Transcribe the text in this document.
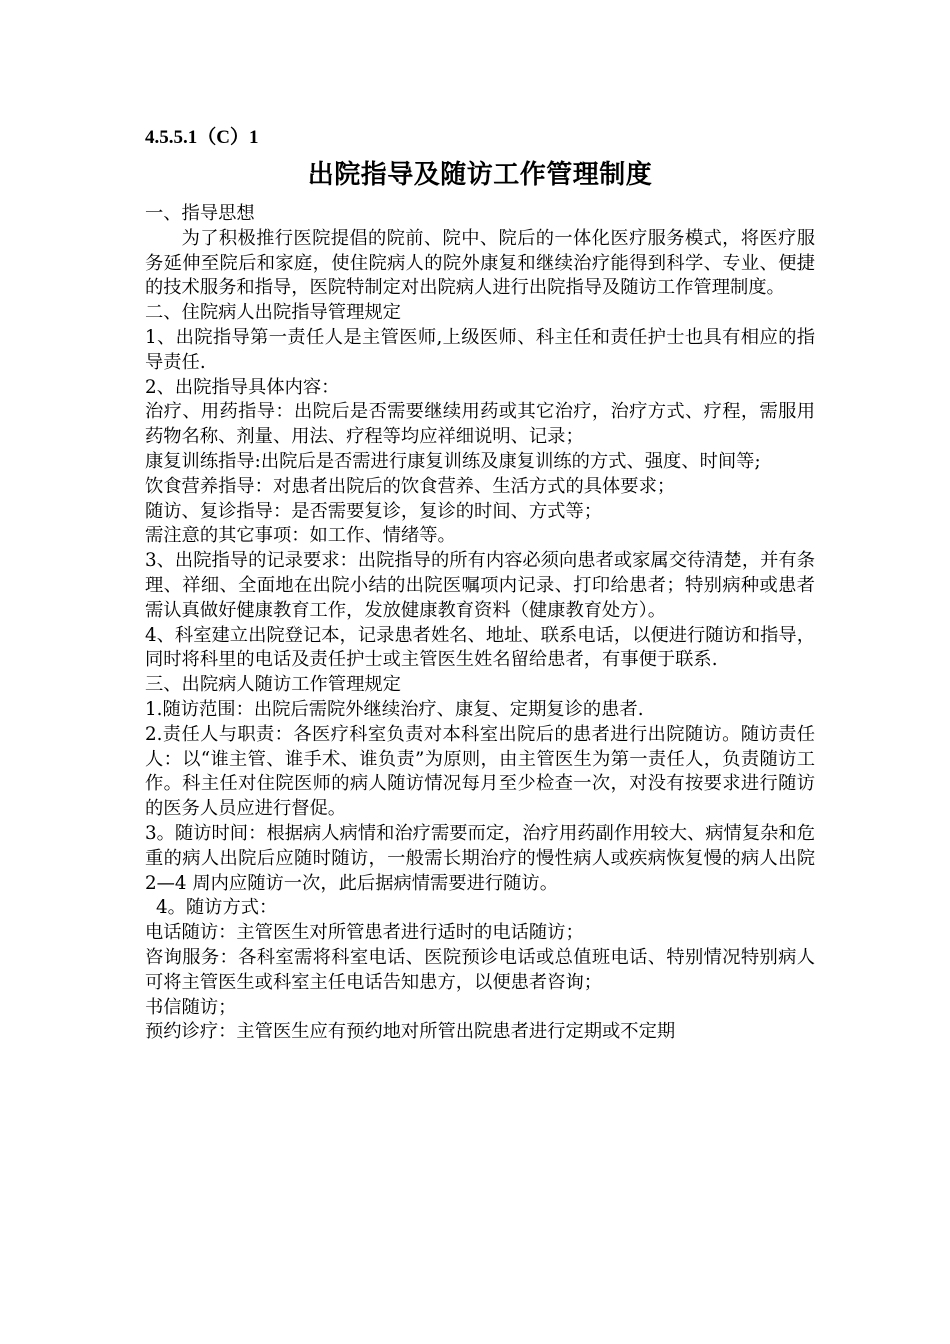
4.5.5.1（C）1

出院指导及随访工作管理制度

一、指导思想

为了积极推行医院提倡的院前、院中、院后的一体化医疗服务模式，将医疗服务延伸至院后和家庭，使住院病人的院外康复和继续治疗能得到科学、专业、便捷的技术服务和指导，医院特制定对出院病人进行出院指导及随访工作管理制度。

二、住院病人出院指导管理规定

1、出院指导第一责任人是主管医师,上级医师、科主任和责任护士也具有相应的指导责任.

2、出院指导具体内容：

治疗、用药指导：出院后是否需要继续用药或其它治疗，治疗方式、疗程，需服用药物名称、剂量、用法、疗程等均应祥细说明、记录；

康复训练指导:出院后是否需进行康复训练及康复训练的方式、强度、时间等;

饮食营养指导：对患者出院后的饮食营养、生活方式的具体要求；

随访、复诊指导：是否需要复诊，复诊的时间、方式等；

需注意的其它事项：如工作、情绪等。

3、出院指导的记录要求：出院指导的所有内容必须向患者或家属交待清楚，并有条理、祥细、全面地在出院小结的出院医嘱项内记录、打印给患者；特别病种或患者需认真做好健康教育工作，发放健康教育资料（健康教育处方）。

4、科室建立出院登记本，记录患者姓名、地址、联系电话，以便进行随访和指导，同时将科里的电话及责任护士或主管医生姓名留给患者，有事便于联系.

三、出院病人随访工作管理规定

1.随访范围：出院后需院外继续治疗、康复、定期复诊的患者.

2.责任人与职责：各医疗科室负责对本科室出院后的患者进行出院随访。随访责任人：以“谁主管、谁手术、谁负责”为原则，由主管医生为第一责任人，负责随访工作。科主任对住院医师的病人随访情况每月至少检查一次，对没有按要求进行随访的医务人员应进行督促。

3。随访时间：根据病人病情和治疗需要而定，治疗用药副作用较大、病情复杂和危重的病人出院后应随时随访，一般需长期治疗的慢性病人或疾病恢复慢的病人出院 2—4 周内应随访一次，此后据病情需要进行随访。

4。随访方式：

电话随访：主管医生对所管患者进行适时的电话随访；

咨询服务：各科室需将科室电话、医院预诊电话或总值班电话、特别情况特别病人可将主管医生或科室主任电话告知患方，以便患者咨询；

书信随访；

预约诊疗：主管医生应有预约地对所管出院患者进行定期或不定期
